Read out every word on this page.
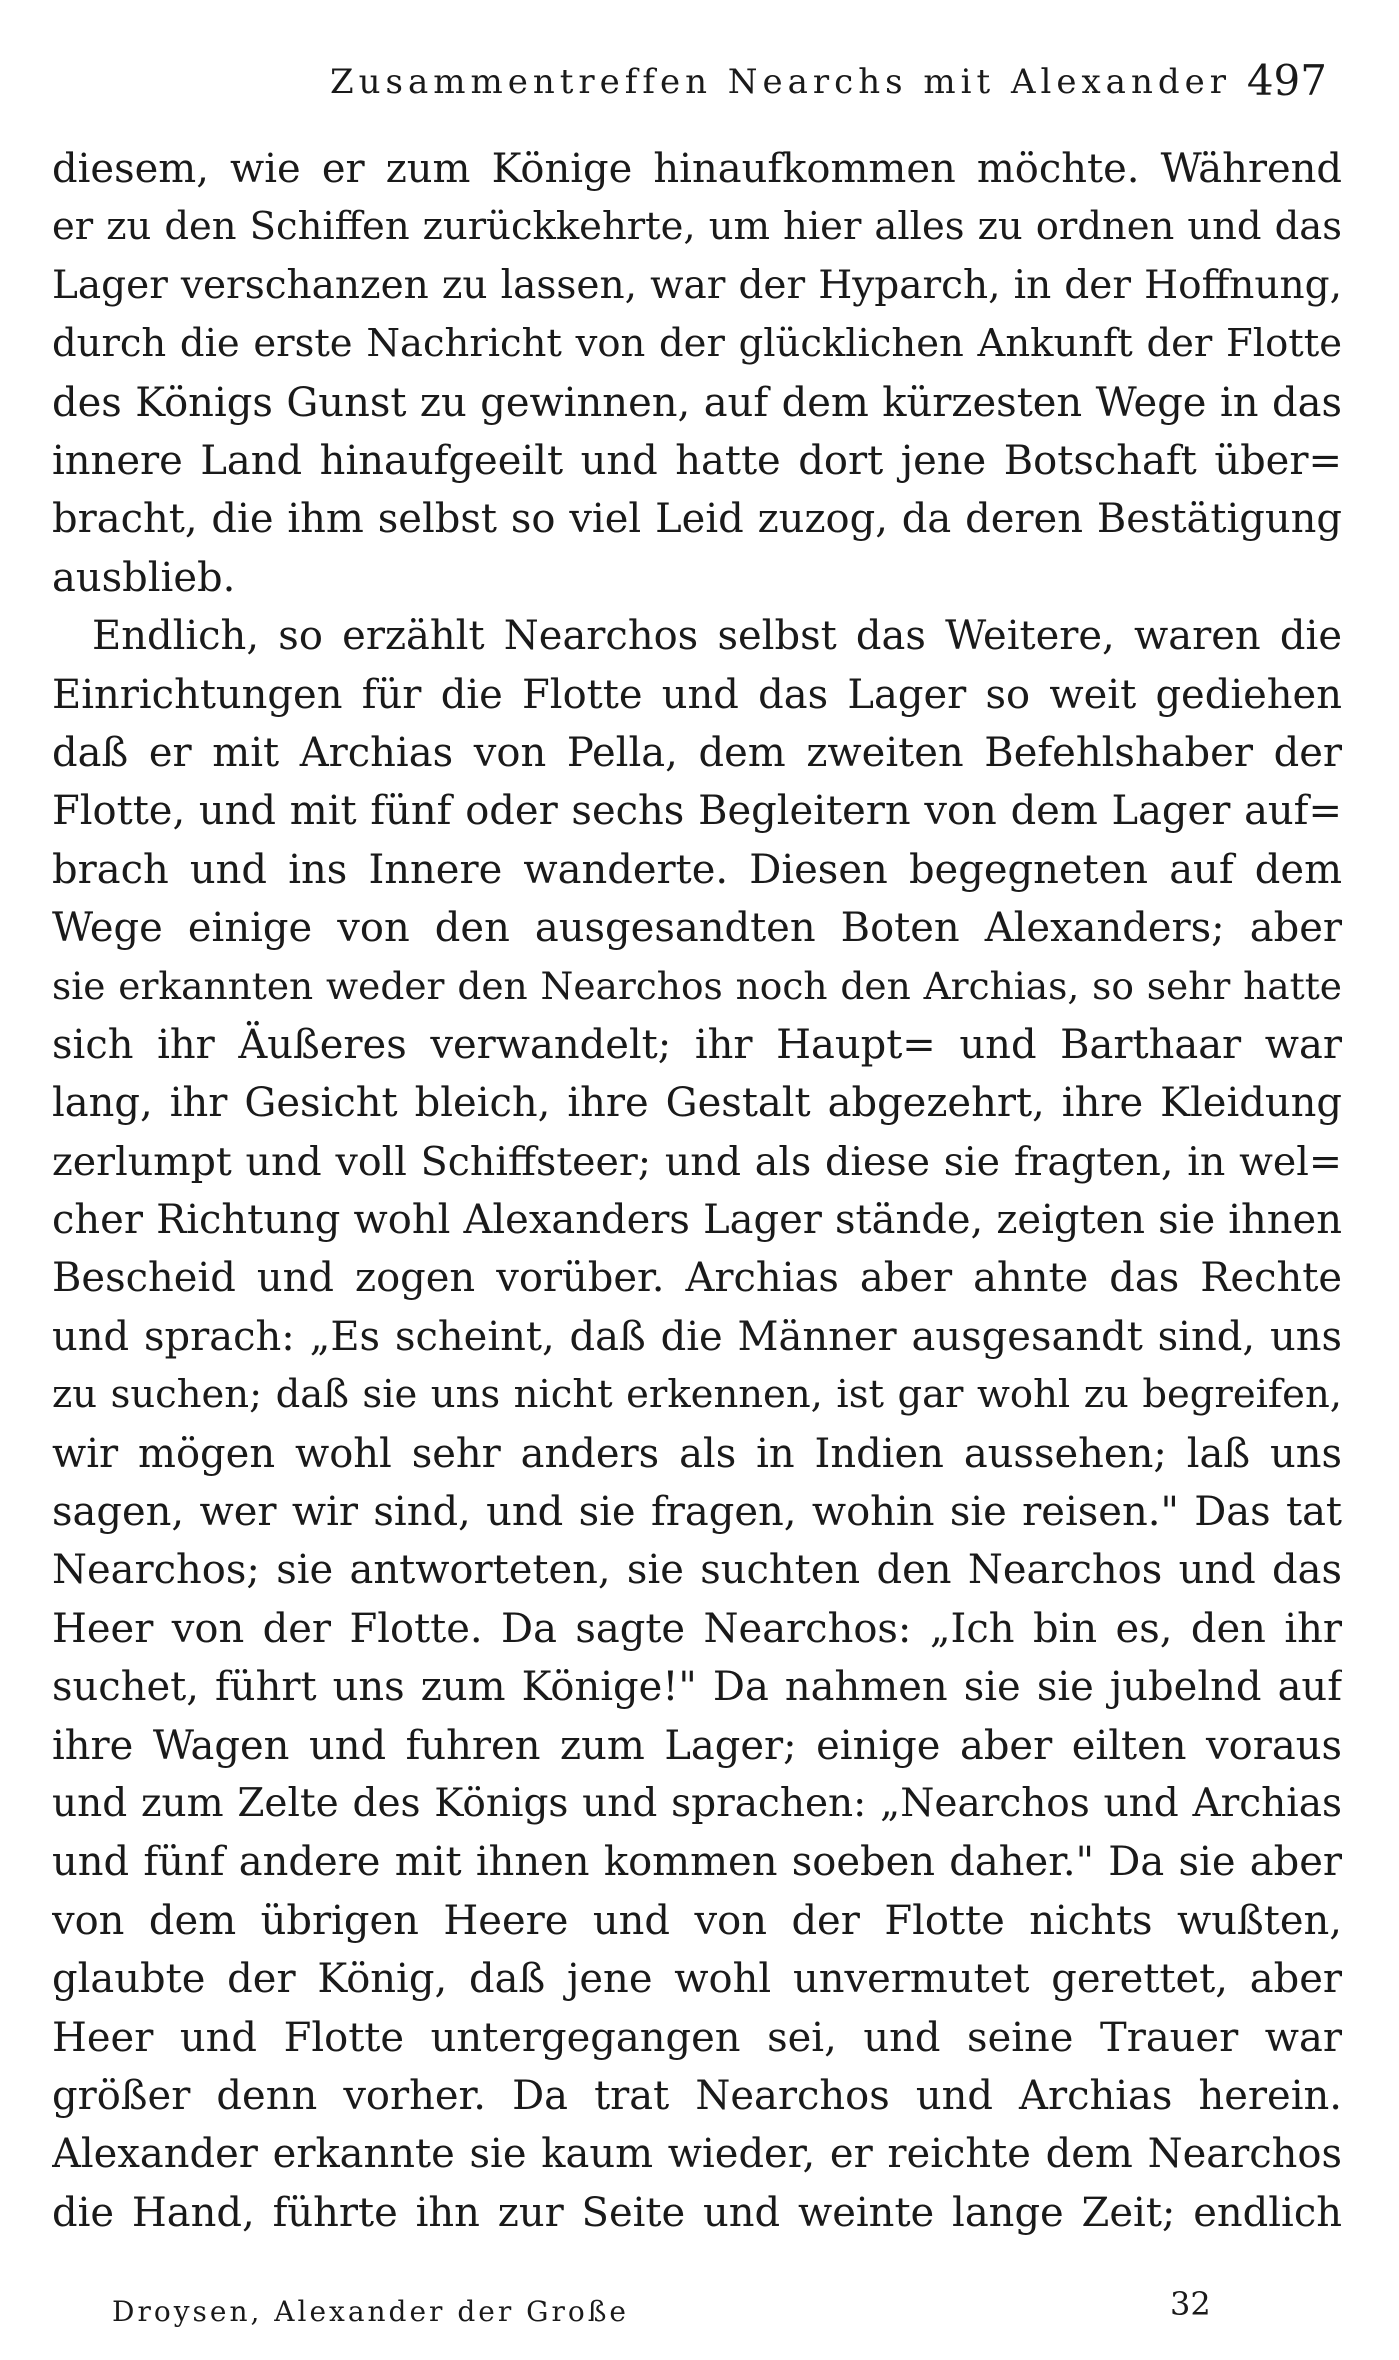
Zusammentreffen Nearchs mit Alexander 497
diesem, wie er zum Könige hinaufkommen möchte. Während
er zu den Schiffen zurückkehrte, um hier alles zu ordnen und das
Lager verschanzen zu lassen, war der Hyparch, in der Hoffnung,
durch die erste Nachricht von der glücklichen Ankunft der Flotte
des Königs Gunst zu gewinnen, auf dem kürzesten Wege in das
innere Land hinaufgeeilt und hatte dort jene Botschaft über=
bracht, die ihm selbst so viel Leid zuzog, da deren Bestätigung
ausblieb.
Endlich, so erzählt Nearchos selbst das Weitere, waren die
Einrichtungen für die Flotte und das Lager so weit gediehen
daß er mit Archias von Pella, dem zweiten Befehlshaber der
Flotte, und mit fünf oder sechs Begleitern von dem Lager auf=
brach und ins Innere wanderte. Diesen begegneten auf dem
Wege einige von den ausgesandten Boten Alexanders; aber
sie erkannten weder den Nearchos noch den Archias, so sehr hatte
sich ihr Äußeres verwandelt; ihr Haupt= und Barthaar war
lang, ihr Gesicht bleich, ihre Gestalt abgezehrt, ihre Kleidung
zerlumpt und voll Schiffsteer; und als diese sie fragten, in wel=
cher Richtung wohl Alexanders Lager stände, zeigten sie ihnen
Bescheid und zogen vorüber. Archias aber ahnte das Rechte
und sprach: „Es scheint, daß die Männer ausgesandt sind, uns
zu suchen; daß sie uns nicht erkennen, ist gar wohl zu begreifen,
wir mögen wohl sehr anders als in Indien aussehen; laß uns
sagen, wer wir sind, und sie fragen, wohin sie reisen." Das tat
Nearchos; sie antworteten, sie suchten den Nearchos und das
Heer von der Flotte. Da sagte Nearchos: „Ich bin es, den ihr
suchet, führt uns zum Könige!" Da nahmen sie sie jubelnd auf
ihre Wagen und fuhren zum Lager; einige aber eilten voraus
und zum Zelte des Königs und sprachen: „Nearchos und Archias
und fünf andere mit ihnen kommen soeben daher." Da sie aber
von dem übrigen Heere und von der Flotte nichts wußten,
glaubte der König, daß jene wohl unvermutet gerettet, aber
Heer und Flotte untergegangen sei, und seine Trauer war
größer denn vorher. Da trat Nearchos und Archias herein.
Alexander erkannte sie kaum wieder, er reichte dem Nearchos
die Hand, führte ihn zur Seite und weinte lange Zeit; endlich
Droysen, Alexander der Große	32
